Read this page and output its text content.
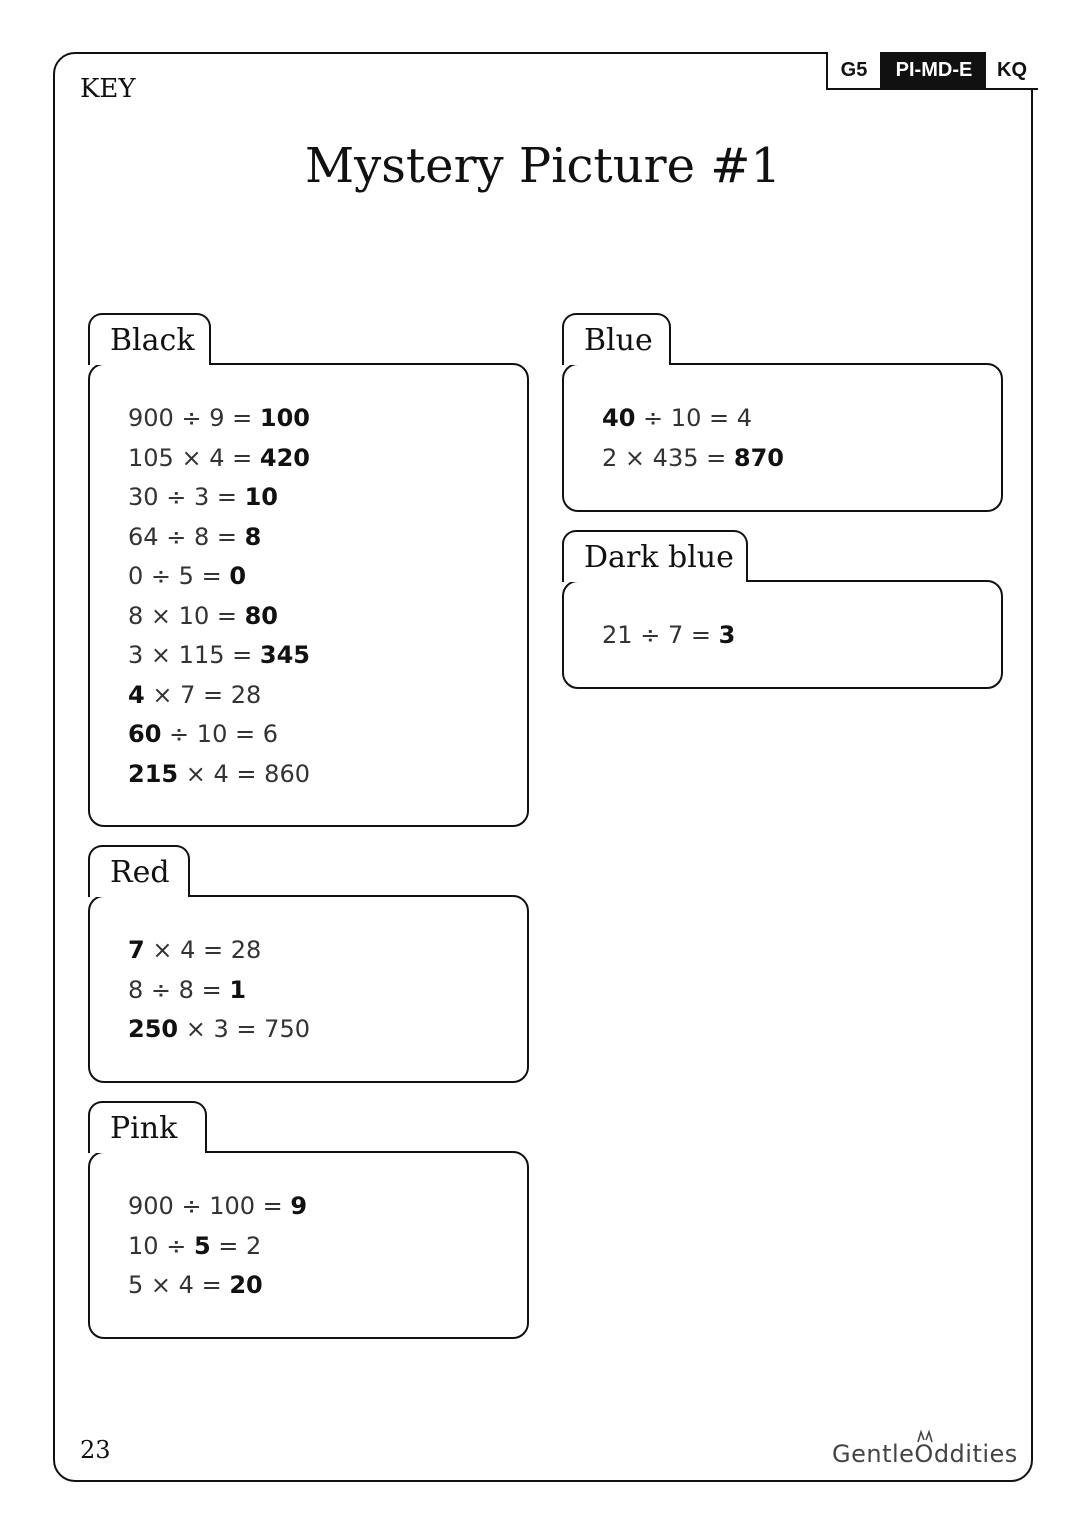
KEY
G5	PI-MD-E	KQ
Mystery Picture #1
Black
900 ÷ 9 = 100
105 × 4 = 420
30 ÷ 3 = 10
64 ÷ 8 = 8
0 ÷ 5 = 0
8 × 10 = 80
3 × 115 = 345
4 × 7 = 28
60 ÷ 10 = 6
215 × 4 = 860
Red
7 × 4 = 28
8 ÷ 8 = 1
250 × 3 = 750
Pink
900 ÷ 100 = 9
10 ÷ 5 = 2
5 × 4 = 20
Blue
40 ÷ 10 = 4
2 × 435 = 870
Dark blue
21 ÷ 7 = 3
23	GentleO
ddities
